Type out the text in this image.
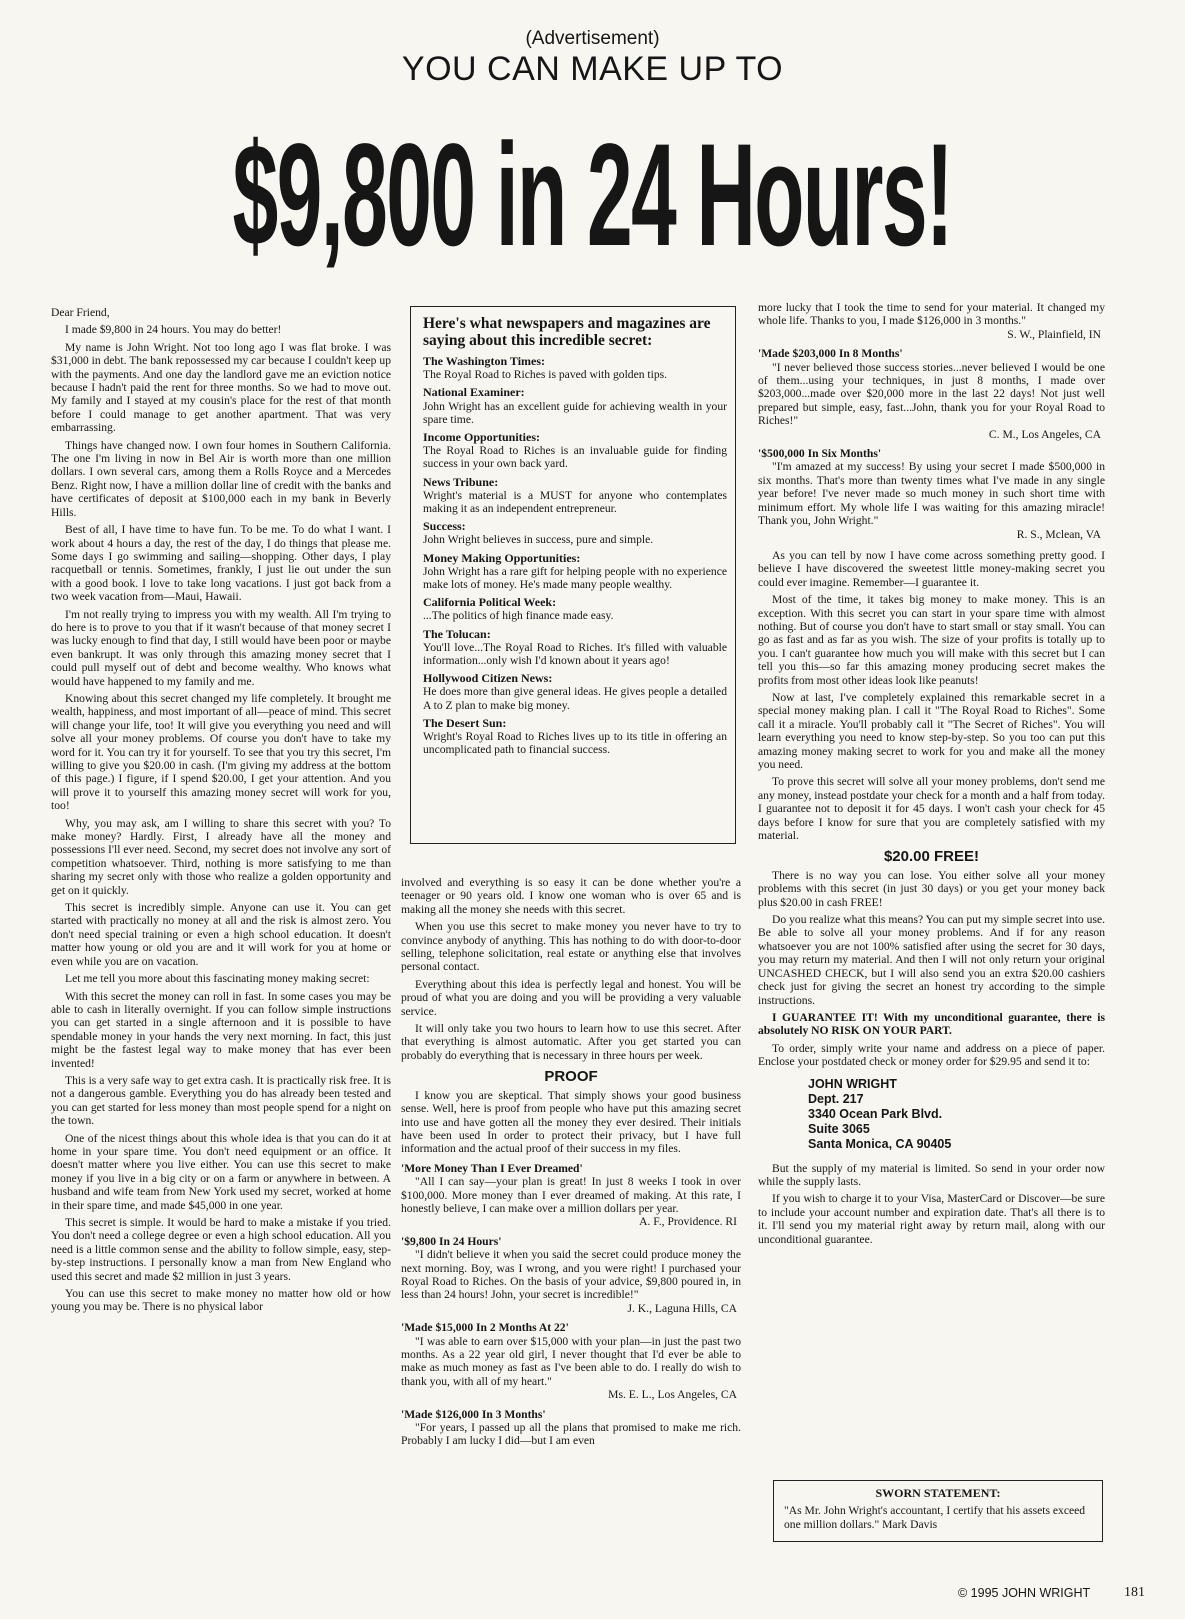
(Advertisement)
YOU CAN MAKE UP TO
$9,800 in 24 Hours!

Dear Friend,

I made $9,800 in 24 hours. You may do better!

My name is John Wright. Not too long ago I was flat broke. I was $31,000 in debt. The bank repossessed my car because I couldn't keep up with the payments. And one day the landlord gave me an eviction notice because I hadn't paid the rent for three months. So we had to move out. My family and I stayed at my cousin's place for the rest of that month before I could manage to get another apartment. That was very embarrassing.

Things have changed now. I own four homes in Southern California. The one I'm living in now in Bel Air is worth more than one million dollars. I own several cars, among them a Rolls Royce and a Mercedes Benz. Right now, I have a million dollar line of credit with the banks and have certificates of deposit at $100,000 each in my bank in Beverly Hills.

Best of all, I have time to have fun. To be me. To do what I want. I work about 4 hours a day, the rest of the day, I do things that please me. Some days I go swimming and sailing—shopping. Other days, I play racquetball or tennis. Sometimes, frankly, I just lie out under the sun with a good book. I love to take long vacations. I just got back from a two week vacation from—Maui, Hawaii.

I'm not really trying to impress you with my wealth. All I'm trying to do here is to prove to you that if it wasn't because of that money secret I was lucky enough to find that day, I still would have been poor or maybe even bankrupt. It was only through this amazing money secret that I could pull myself out of debt and become wealthy. Who knows what would have happened to my family and me.

Knowing about this secret changed my life completely. It brought me wealth, happiness, and most important of all—peace of mind. This secret will change your life, too! It will give you everything you need and will solve all your money problems. Of course you don't have to take my word for it. You can try it for yourself. To see that you try this secret, I'm willing to give you $20.00 in cash. (I'm giving my address at the bottom of this page.) I figure, if I spend $20.00, I get your attention. And you will prove it to yourself this amazing money secret will work for you, too!

Why, you may ask, am I willing to share this secret with you? To make money? Hardly. First, I already have all the money and possessions I'll ever need. Second, my secret does not involve any sort of competition whatsoever. Third, nothing is more satisfying to me than sharing my secret only with those who realize a golden opportunity and get on it quickly.

This secret is incredibly simple. Anyone can use it. You can get started with practically no money at all and the risk is almost zero. You don't need special training or even a high school education. It doesn't matter how young or old you are and it will work for you at home or even while you are on vacation.

Let me tell you more about this fascinating money making secret:

With this secret the money can roll in fast. In some cases you may be able to cash in literally overnight. If you can follow simple instructions you can get started in a single afternoon and it is possible to have spendable money in your hands the very next morning. In fact, this just might be the fastest legal way to make money that has ever been invented!

This is a very safe way to get extra cash. It is practically risk free. It is not a dangerous gamble. Everything you do has already been tested and you can get started for less money than most people spend for a night on the town.

One of the nicest things about this whole idea is that you can do it at home in your spare time. You don't need equipment or an office. It doesn't matter where you live either. You can use this secret to make money if you live in a big city or on a farm or anywhere in between. A husband and wife team from New York used my secret, worked at home in their spare time, and made $45,000 in one year.

This secret is simple. It would be hard to make a mistake if you tried. You don't need a college degree or even a high school education. All you need is a little common sense and the ability to follow simple, easy, step-by-step instructions. I personally know a man from New England who used this secret and made $2 million in just 3 years.

You can use this secret to make money no matter how old or how young you may be. There is no physical labor

Here's what newspapers and magazines are saying about this incredible secret:
The Washington Times:
The Royal Road to Riches is paved with golden tips.
National Examiner:
John Wright has an excellent guide for achieving wealth in your spare time.
Income Opportunities:
The Royal Road to Riches is an invaluable guide for finding success in your own back yard.
News Tribune:
Wright's material is a MUST for anyone who contemplates making it as an independent entrepreneur.
Success:
John Wright believes in success, pure and simple.
Money Making Opportunities:
John Wright has a rare gift for helping people with no experience make lots of money. He's made many people wealthy.
California Political Week:
...The politics of high finance made easy.
The Tolucan:
You'll love...The Royal Road to Riches. It's filled with valuable information...only wish I'd known about it years ago!
Hollywood Citizen News:
He does more than give general ideas. He gives people a detailed A to Z plan to make big money.
The Desert Sun:
Wright's Royal Road to Riches lives up to its title in offering an uncomplicated path to financial success.

involved and everything is so easy it can be done whether you're a teenager or 90 years old. I know one woman who is over 65 and is making all the money she needs with this secret.

When you use this secret to make money you never have to try to convince anybody of anything. This has nothing to do with door-to-door selling, telephone solicitation, real estate or anything else that involves personal contact.

Everything about this idea is perfectly legal and honest. You will be proud of what you are doing and you will be providing a very valuable service.

It will only take you two hours to learn how to use this secret. After that everything is almost automatic. After you get started you can probably do everything that is necessary in three hours per week.

PROOF

I know you are skeptical. That simply shows your good business sense. Well, here is proof from people who have put this amazing secret into use and have gotten all the money they ever desired. Their initials have been used In order to protect their privacy, but I have full information and the actual proof of their success in my files.

'More Money Than I Ever Dreamed'

"All I can say—your plan is great! In just 8 weeks I took in over $100,000. More money than I ever dreamed of making. At this rate, I honestly believe, I can make over a million dollars per year.

A. F., Providence. RI
'$9,800 In 24 Hours'

"I didn't believe it when you said the secret could produce money the next morning. Boy, was I wrong, and you were right! I purchased your Royal Road to Riches. On the basis of your advice, $9,800 poured in, in less than 24 hours! John, your secret is incredible!"

J. K., Laguna Hills, CA
'Made $15,000 In 2 Months At 22'

"I was able to earn over $15,000 with your plan—in just the past two months. As a 22 year old girl, I never thought that I'd ever be able to make as much money as fast as I've been able to do. I really do wish to thank you, with all of my heart."

Ms. E. L., Los Angeles, CA
'Made $126,000 In 3 Months'

"For years, I passed up all the plans that promised to make me rich. Probably I am lucky I did—but I am even

more lucky that I took the time to send for your material. It changed my whole life. Thanks to you, I made $126,000 in 3 months."

S. W., Plainfield, IN
'Made $203,000 In 8 Months'

"I never believed those success stories...never believed I would be one of them...using your techniques, in just 8 months, I made over $203,000...made over $20,000 more in the last 22 days! Not just well prepared but simple, easy, fast...John, thank you for your Royal Road to Riches!"

C. M., Los Angeles, CA
'$500,000 In Six Months'

"I'm amazed at my success! By using your secret I made $500,000 in six months. That's more than twenty times what I've made in any single year before! I've never made so much money in such short time with minimum effort. My whole life I was waiting for this amazing miracle! Thank you, John Wright."

R. S., Mclean, VA

As you can tell by now I have come across something pretty good. I believe I have discovered the sweetest little money-making secret you could ever imagine. Remember—I guarantee it.

Most of the time, it takes big money to make money. This is an exception. With this secret you can start in your spare time with almost nothing. But of course you don't have to start small or stay small. You can go as fast and as far as you wish. The size of your profits is totally up to you. I can't guarantee how much you will make with this secret but I can tell you this—so far this amazing money producing secret makes the profits from most other ideas look like peanuts!

Now at last, I've completely explained this remarkable secret in a special money making plan. I call it "The Royal Road to Riches". Some call it a miracle. You'll probably call it "The Secret of Riches". You will learn everything you need to know step-by-step. So you too can put this amazing money making secret to work for you and make all the money you need.

To prove this secret will solve all your money problems, don't send me any money, instead postdate your check for a month and a half from today. I guarantee not to deposit it for 45 days. I won't cash your check for 45 days before I know for sure that you are completely satisfied with my material.

$20.00 FREE!

There is no way you can lose. You either solve all your money problems with this secret (in just 30 days) or you get your money back plus $20.00 in cash FREE!

Do you realize what this means? You can put my simple secret into use. Be able to solve all your money problems. And if for any reason whatsoever you are not 100% satisfied after using the secret for 30 days, you may return my material. And then I will not only return your original UNCASHED CHECK, but I will also send you an extra $20.00 cashiers check just for giving the secret an honest try according to the simple instructions.

I GUARANTEE IT! With my unconditional guarantee, there is absolutely NO RISK ON YOUR PART.

To order, simply write your name and address on a piece of paper. Enclose your postdated check or money order for $29.95 and send it to:

JOHN WRIGHT
Dept. 217
3340 Ocean Park Blvd.
Suite 3065
Santa Monica, CA 90405

But the supply of my material is limited. So send in your order now while the supply lasts.

If you wish to charge it to your Visa, MasterCard or Discover—be sure to include your account number and expiration date. That's all there is to it. I'll send you my material right away by return mail, along with our unconditional guarantee.

SWORN STATEMENT:
"As Mr. John Wright's accountant, I certify that his assets exceed one million dollars." Mark Davis
© 1995 JOHN WRIGHT 181
